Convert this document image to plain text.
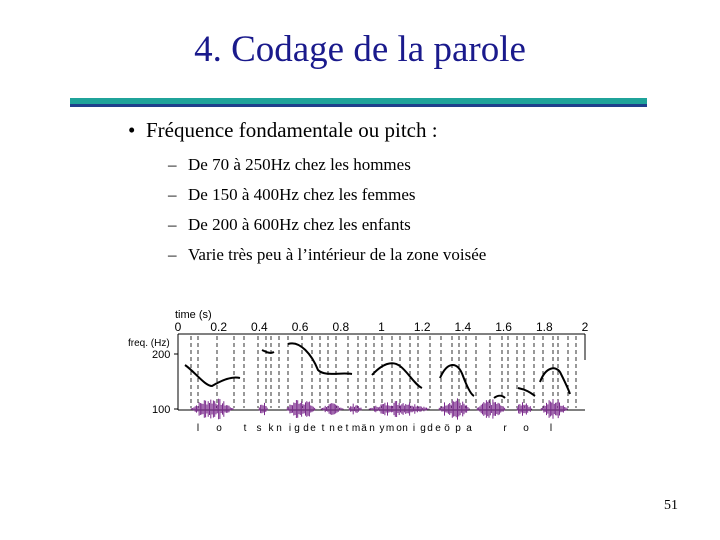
4. Codage de la parole
• Fréquence fondamentale ou pitch :
– De 70 à 250Hz chez les hommes
– De 150 à 400Hz chez les femmes
– De 200 à 600Hz chez les enfants
– Varie très peu à l’intérieur de la zone voisée
time (s)
0 0.2 0.4 0.6 0.8 1 1.2 1.4 1.6 1.8 2
freq. (Hz)
200
100
l o t s k n i g d e t n e t m ä n y m o n i g d e ö p a	r o l
51
